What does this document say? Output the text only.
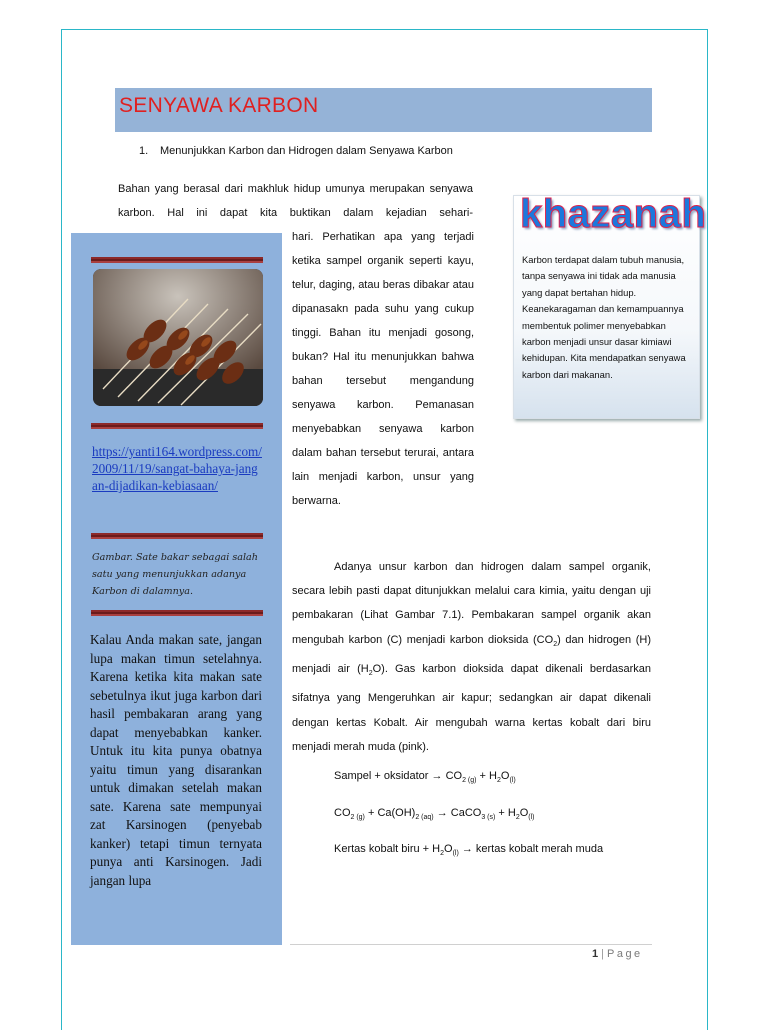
SENYAWA KARBON
1. Menunjukkan Karbon dan Hidrogen dalam Senyawa Karbon
Bahan yang berasal dari makhluk hidup umunya merupakan senyawa karbon. Hal ini dapat kita buktikan dalam kejadian sehari-
hari. Perhatikan apa yang terjadi ketika sampel organik seperti kayu, telur, daging, atau beras dibakar atau dipanasakn pada suhu yang cukup tinggi. Bahan itu menjadi gosong, bukan? Hal itu menunjukkan bahwa bahan tersebut mengandung senyawa karbon. Pemanasan menyebabkan senyawa karbon dalam bahan tersebut terurai, antara lain menjadi karbon, unsur yang berwarna.
Adanya unsur karbon dan hidrogen dalam sampel organik, secara lebih pasti dapat ditunjukkan melalui cara kimia, yaitu dengan uji pembakaran (Lihat Gambar 7.1). Pembakaran sampel organik akan mengubah karbon (C) menjadi karbon dioksida $(CO_2)$ dan hidrogen (H) menjadi air $(H_2O)$. Gas karbon dioksida dapat dikenali berdasarkan sifatnya yang Mengeruhkan air kapur; sedangkan air dapat dikenali dengan kertas Kobalt. Air mengubah warna kertas kobalt dari biru menjadi merah muda (pink).
Sampel + oksidator → $CO_{2 (g)} + H_2O_{(l)}$
$CO_{2 (g)} + Ca(OH)_{2 (aq)}$ → CaCO$_{3 (s)}$ + $H_2O_{(l)}$
Kertas kobalt biru + $H_2O_{(l)}$ → kertas kobalt merah muda
https://yanti164.wordpress.com/2009/11/19/sangat-bahaya-jangan-dijadikan-kebiasaan/
Gambar. Sate bakar sebagai salah satu yang menunjukkan adanya Karbon di dalamnya.
Kalau Anda makan sate, jangan lupa makan timun setelahnya. Karena ketika kita makan sate sebetulnya ikut juga karbon dari hasil pembakaran arang yang dapat menyebabkan kanker. Untuk itu kita punya obatnya yaitu timun yang disarankan untuk dimakan setelah makan sate. Karena sate mempunyai zat Karsinogen (penyebab kanker) tetapi timun ternyata punya anti Karsinogen. Jadi jangan lupa
khazanah
Karbon terdapat dalam tubuh manusia, tanpa senyawa ini tidak ada manusia yang dapat bertahan hidup. Keanekaragaman dan kemampuannya membentuk polimer menyebabkan karbon menjadi unsur dasar kimiawi kehidupan. Kita mendapatkan senyawa karbon dari makanan.
1 | Page
